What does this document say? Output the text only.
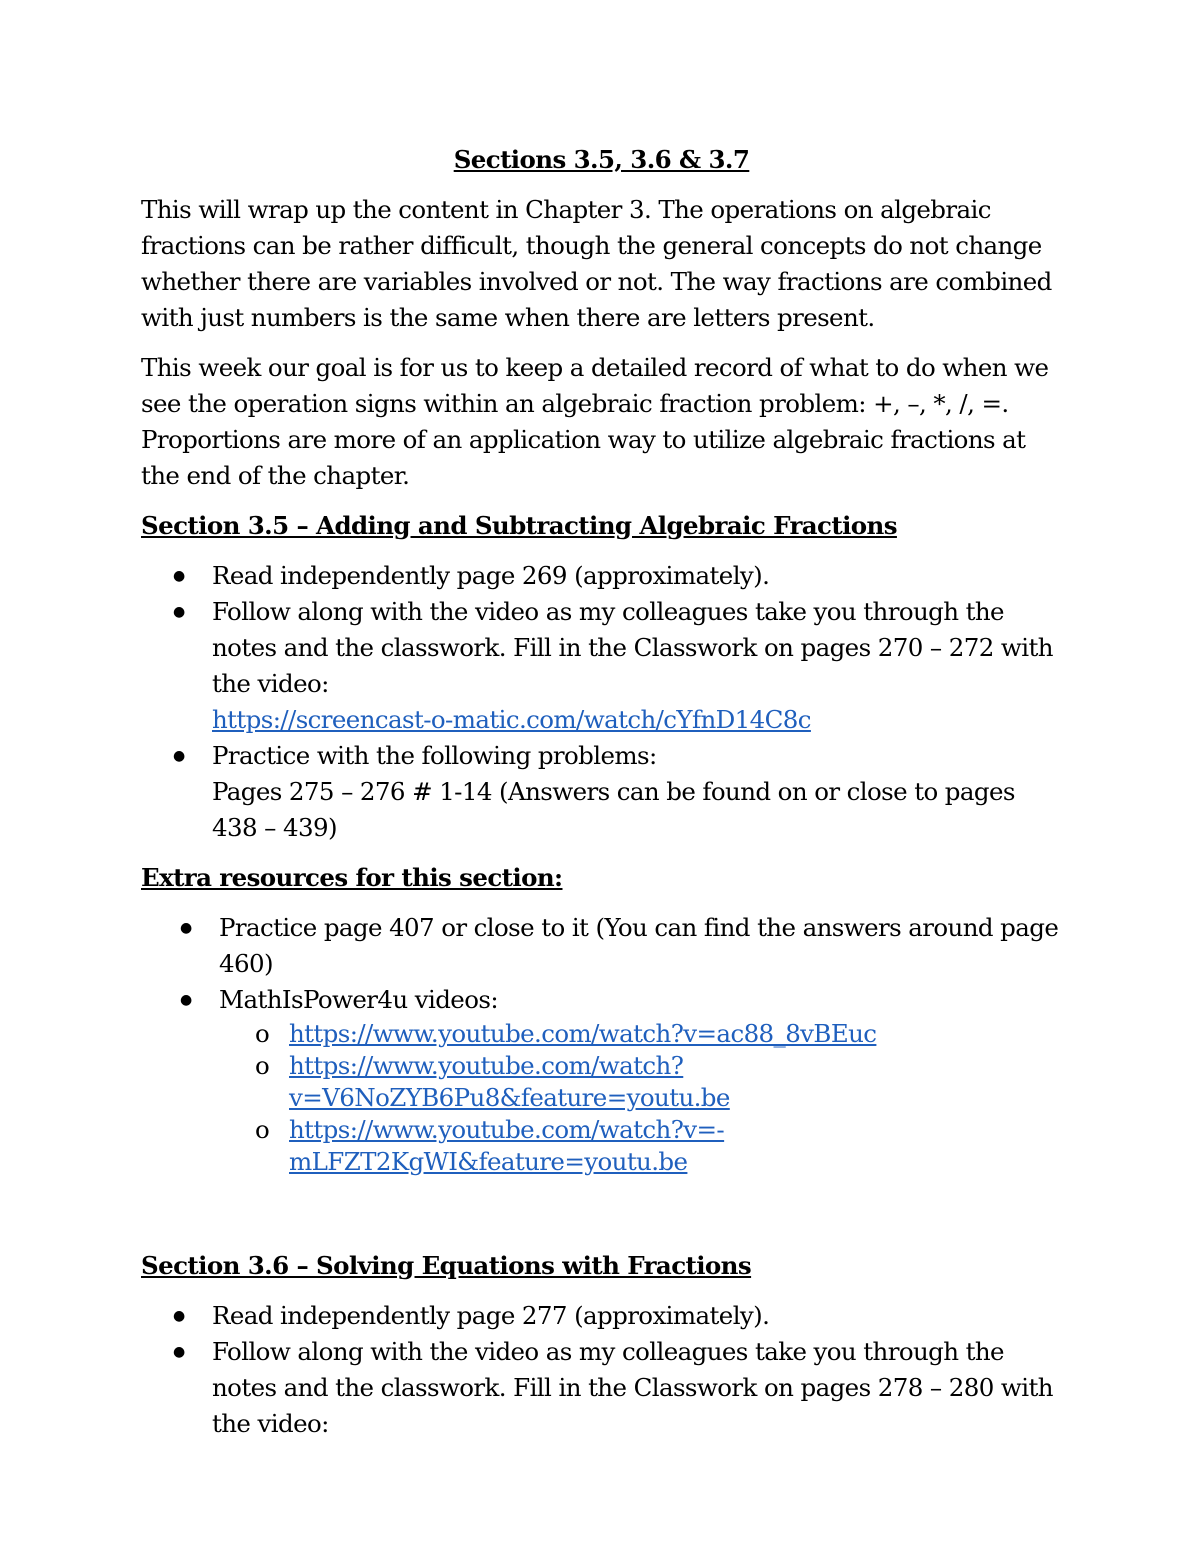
Sections 3.5, 3.6 & 3.7

This will wrap up the content in Chapter 3. The operations on algebraic fractions can be rather difficult, though the general concepts do not change whether there are variables involved or not. The way fractions are combined with just numbers is the same when there are letters present.

This week our goal is for us to keep a detailed record of what to do when we see the operation signs within an algebraic fraction problem: +, –, *, /, =. Proportions are more of an application way to utilize algebraic fractions at the end of the chapter.

Section 3.5 – Adding and Subtracting Algebraic Fractions
● Read independently page 269 (approximately).
● Follow along with the video as my colleagues take you through the notes and the classwork. Fill in the Classwork on pages 270 – 272 with the video:
https://screencast-o-matic.com/watch/cYfnD14C8c
● Practice with the following problems:
Pages 275 – 276 # 1-14 (Answers can be found on or close to pages 438 – 439)
Extra resources for this section:
● Practice page 407 or close to it (You can find the answers around page 460)
● MathIsPower4u videos:
o https://www.youtube.com/watch?v=ac88_8vBEuc
o https://www.youtube.com/watch?v=V6NoZYB6Pu8&feature=youtu.be
o https://www.youtube.com/watch?v=-mLFZT2KgWI&feature=youtu.be
Section 3.6 – Solving Equations with Fractions
● Read independently page 277 (approximately).
● Follow along with the video as my colleagues take you through the notes and the classwork. Fill in the Classwork on pages 278 – 280 with the video:
